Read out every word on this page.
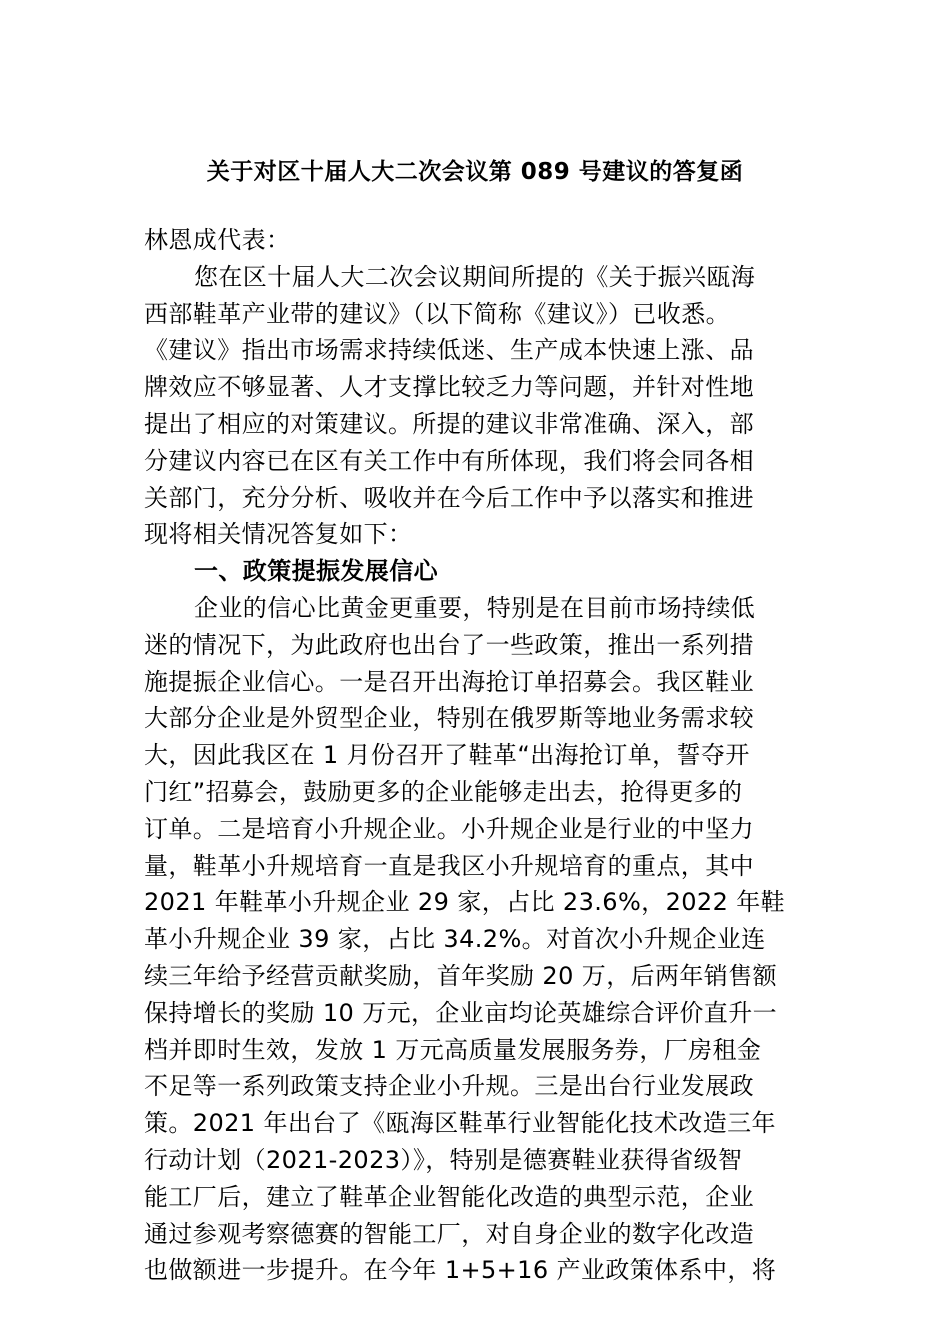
关于对区十届人大二次会议第 089 号建议的答复函
林恩成代表：
您在区十届人大二次会议期间所提的《关于振兴瓯海
西部鞋革产业带的建议》（以下简称《建议》）已收悉。
《建议》指出市场需求持续低迷、生产成本快速上涨、品
牌效应不够显著、人才支撑比较乏力等问题，并针对性地
提出了相应的对策建议。所提的建议非常准确、深入，部
分建议内容已在区有关工作中有所体现，我们将会同各相
关部门，充分分析、吸收并在今后工作中予以落实和推进
现将相关情况答复如下：
一、政策提振发展信心
企业的信心比黄金更重要，特别是在目前市场持续低
迷的情况下，为此政府也出台了一些政策，推出一系列措
施提振企业信心。一是召开出海抢订单招募会。我区鞋业
大部分企业是外贸型企业，特别在俄罗斯等地业务需求较
大，因此我区在 1 月份召开了鞋革“出海抢订单，誓夺开
门红”招募会，鼓励更多的企业能够走出去，抢得更多的
订单。二是培育小升规企业。小升规企业是行业的中坚力
量，鞋革小升规培育一直是我区小升规培育的重点，其中
2021 年鞋革小升规企业 29 家，占比 23.6%，2022 年鞋
革小升规企业 39 家，占比 34.2%。对首次小升规企业连
续三年给予经营贡献奖励，首年奖励 20 万，后两年销售额
保持增长的奖励 10 万元，企业亩均论英雄综合评价直升一
档并即时生效，发放 1 万元高质量发展服务券，厂房租金
不足等一系列政策支持企业小升规。三是出台行业发展政
策。2021 年出台了《瓯海区鞋革行业智能化技术改造三年
行动计划（2021-2023）》，特别是德赛鞋业获得省级智
能工厂后，建立了鞋革企业智能化改造的典型示范，企业
通过参观考察德赛的智能工厂，对自身企业的数字化改造
也做额进一步提升。在今年 1+5+16 产业政策体系中，将
